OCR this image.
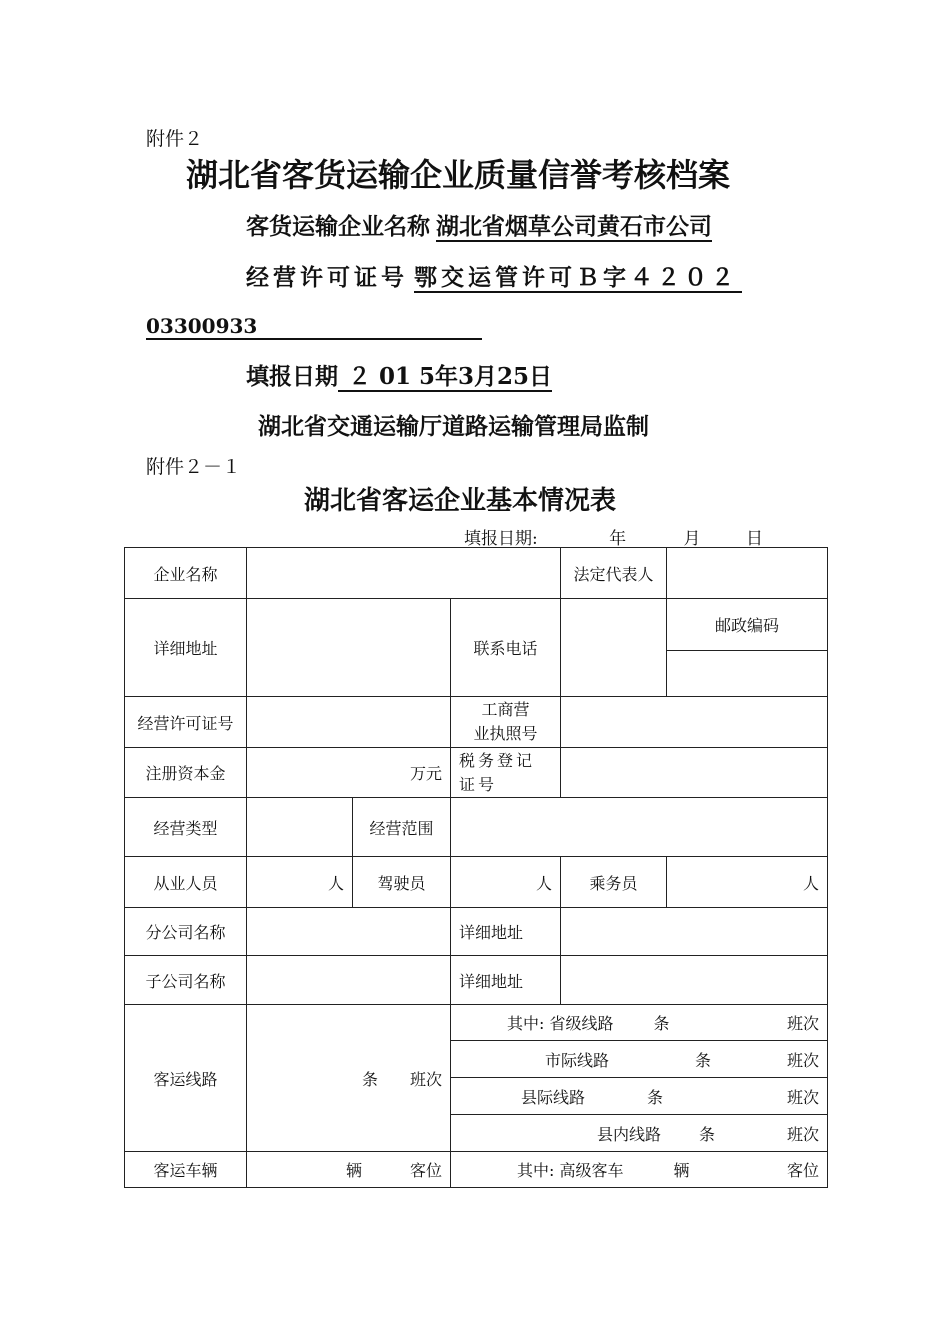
附件２
湖北省客货运输企业质量信誉考核档案
客货运输企业名称 湖北省烟草公司黄石市公司
经营许可证号 鄂交运管许可Ｂ字４２０２
03300933
填报日期 ２ 01 5年3月25日
湖北省交通运输厅道路运输管理局监制
附件２－１
湖北省客运企业基本情况表
填报日期:	年	月	日
企业名称				法定代表人	
详细地址			联系电话		邮政编码

经营许可证号			工商营
业执照号		
注册资本金	万元		税务登记证号		
经营类型		经营范围			
从业人员	人	驾驶员	人	乘务员	人
分公司名称			详细地址		
子公司名称			详细地址		
客运线路	条 班次		其中: 省级线路 条 班次		

			市际线路 条 班次		

			县际线路 条 班次		

			县内线路 条 班次		

客运车辆	辆 客位		其中: 高级客车 辆 客位		
